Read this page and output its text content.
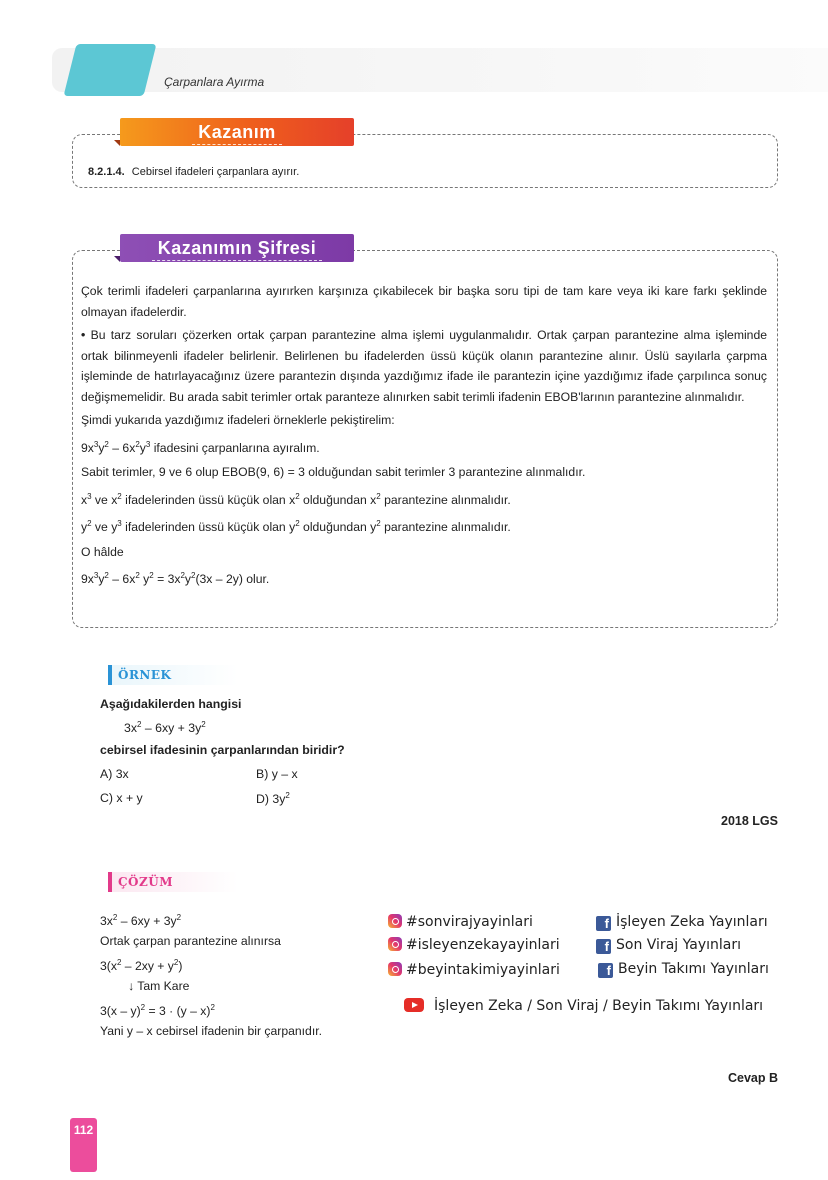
Çarpanlara Ayırma
Kazanım
8.2.1.4. Cebirsel ifadeleri çarpanlara ayırır.
Kazanımın Şifresi

Çok terimli ifadeleri çarpanlarına ayırırken karşınıza çıkabilecek bir başka soru tipi de tam kare veya iki kare farkı şeklinde olmayan ifadelerdir.

• Bu tarz soruları çözerken ortak çarpan parantezine alma işlemi uygulanmalıdır. Ortak çarpan parantezine alma işleminde ortak bilinmeyenli ifadeler belirlenir. Belirlenen bu ifadelerden üssü küçük olanın parantezine alınır. Üslü sayılarla çarpma işleminde de hatırlayacağınız üzere parantezin dışında yazdığımız ifade ile parantezin içine yazdığımız ifade çarpılınca sonuç değişmemelidir. Bu arada sabit terimler ortak paranteze alınırken sabit terimli ifadenin EBOB'larının parantezine alınmalıdır.

Şimdi yukarıda yazdığımız ifadeleri örneklerle pekiştirelim:
$9x^3y^2 - 6x^2y^3$ ifadesini çarpanlarına ayıralım.
Sabit terimler, 9 ve 6 olup EBOB(9, 6) = 3 olduğundan sabit terimler 3 parantezine alınmalıdır.
$x^3$ ve $x^2$ ifadelerinden üssü küçük olan $x^2$ olduğundan $x^2$ parantezine alınmalıdır.
$y^2$ ve $y^3$ ifadelerinden üssü küçük olan $y^2$ olduğundan $y^2$ parantezine alınmalıdır.
O hâlde
$9x^3y^2 - 6x^2$ $y^2 = 3x^2y^2(3x - 2y)$ olur.
ÖRNEK
Aşağıdakilerden hangisi
$3x^2 - 6xy + 3y^2$
cebirsel ifadesinin çarpanlarından biridir?
A) 3x	B) y – x
C) x + y	D) $3y^2$
2018 LGS
ÇÖZÜM
$3x^2 - 6xy + 3y^2$
Ortak çarpan parantezine alınırsa
$3(x^2 - 2xy + y^2)$
↓ Tam Kare
3(x – y)$^2$ = 3 · (y – x)$^2$
Yani y – x cebirsel ifadenin bir çarpanıdır.
#sonvirajyayinlari
#isleyenzekayayinlari
#beyintakimiyayinlari
f İşleyen Zeka Yayınları
f Son Viraj Yayınları
f Beyin Takımı Yayınları
İşleyen Zeka / Son Viraj / Beyin Takımı Yayınları
Cevap B
112
